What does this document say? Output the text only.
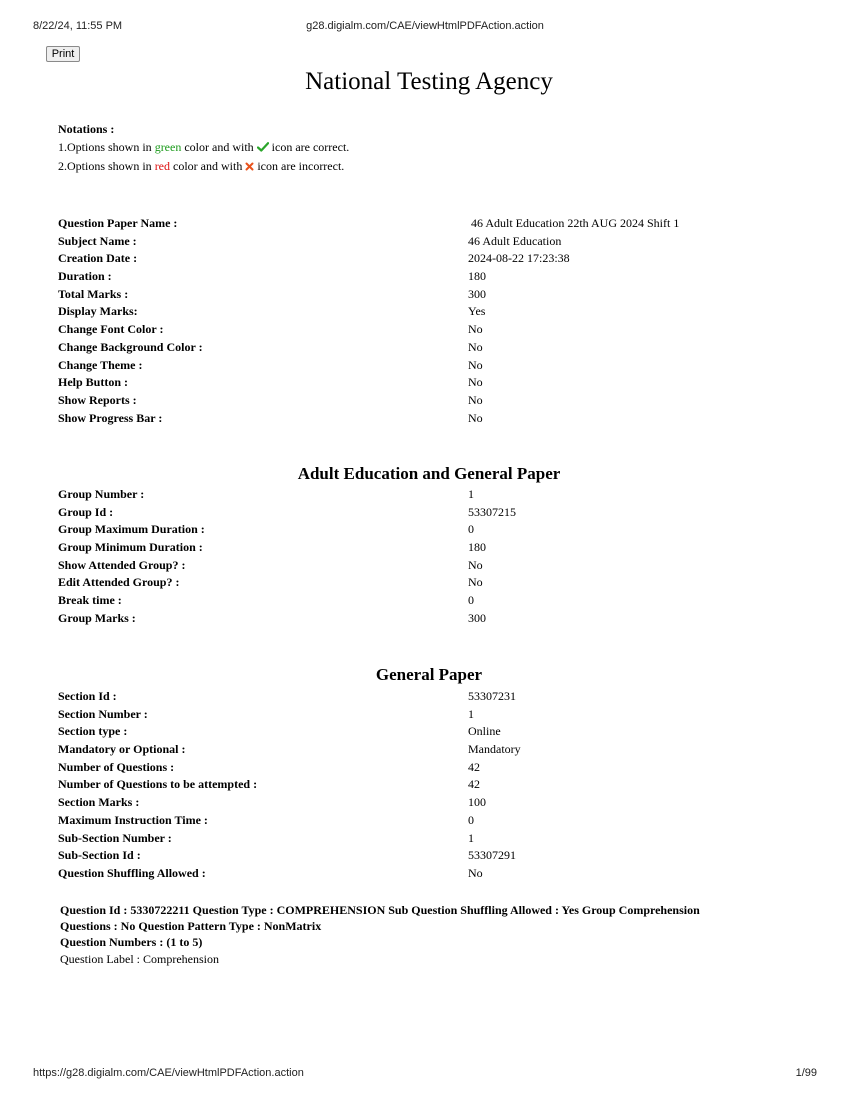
8/22/24, 11:55 PM	g28.digialm.com/CAE/viewHtmlPDFAction.action
Print
National Testing Agency
Notations :
1.Options shown in green color and with icon are correct.
2.Options shown in red color and with icon are incorrect.
Question Paper Name :	46 Adult Education 22th AUG 2024 Shift 1
Subject Name :	46 Adult Education
Creation Date :	2024-08-22 17:23:38
Duration :	180
Total Marks :	300
Display Marks:	Yes
Change Font Color :	No
Change Background Color :	No
Change Theme :	No
Help Button :	No
Show Reports :	No
Show Progress Bar :	No
Adult Education and General Paper
Group Number :	1
Group Id :	53307215
Group Maximum Duration :	0
Group Minimum Duration :	180
Show Attended Group? :	No
Edit Attended Group? :	No
Break time :	0
Group Marks :	300
General Paper
Section Id :	53307231
Section Number :	1
Section type :	Online
Mandatory or Optional :	Mandatory
Number of Questions :	42
Number of Questions to be attempted :	42
Section Marks :	100
Maximum Instruction Time :	0
Sub-Section Number :	1
Sub-Section Id :	53307291
Question Shuffling Allowed :	No
Question Id : 5330722211 Question Type : COMPREHENSION Sub Question Shuffling Allowed : Yes Group Comprehension
Questions : No Question Pattern Type : NonMatrix
Question Numbers : (1 to 5)
Question Label : Comprehension
https://g28.digialm.com/CAE/viewHtmlPDFAction.action	1/99
